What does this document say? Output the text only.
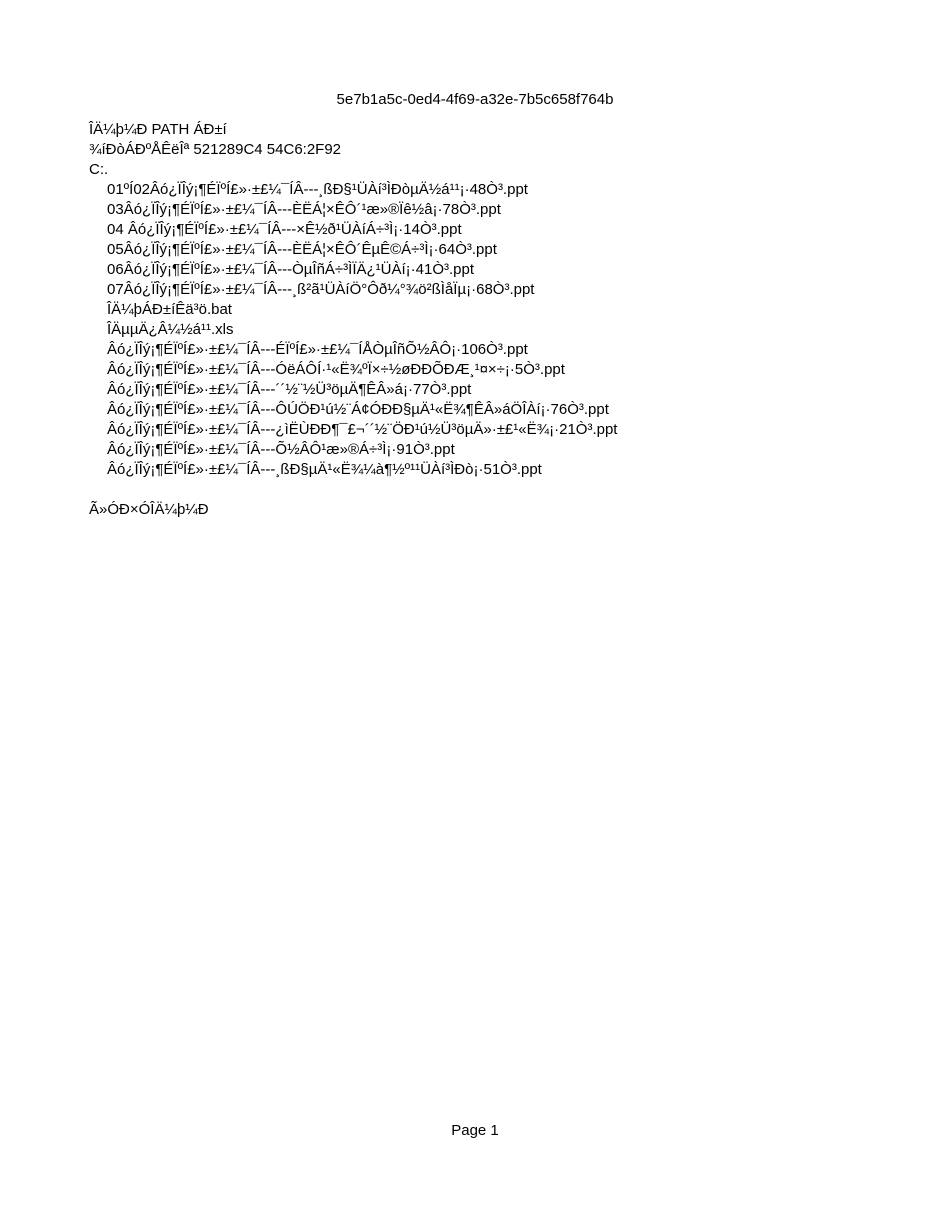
5e7b1a5c-0ed4-4f69-a32e-7b5c658f764b
ÎÄ¼þ¼Ð PATH ÁÐ±í
¾íÐòÁÐºÅÊëÎª 521289C4 54C6:2F92
C:.
01ºÍ02Âó¿ÏÎý¡¶ÉÏºÍ£»·±£¼¯ÍÂ---¸ßÐ§¹ÜÀí³ÌÐòµÄ½á¹¹¡·48Ò³.ppt
03Âó¿ÏÎý¡¶ÉÏºÍ£»·±£¼¯ÍÂ---ÈËÁ¦×ÊÔ´¹æ»®Ïê½â¡·78Ò³.ppt
04 Âó¿ÏÎý¡¶ÉÏºÍ£»·±£¼¯ÍÂ---×Ê½ð¹ÜÀíÁ÷³Ì¡·14Ò³.ppt
05Âó¿ÏÎý¡¶ÉÏºÍ£»·±£¼¯ÍÂ---ÈËÁ¦×ÊÔ´ÊµÊ©Á÷³Ì¡·64Ò³.ppt
06Âó¿ÏÎý¡¶ÉÏºÍ£»·±£¼¯ÍÂ---ÒµÎñÁ÷³ÌÏÄ¿¹ÜÀí¡·41Ò³.ppt
07Âó¿ÏÎý¡¶ÉÏºÍ£»·±£¼¯ÍÂ---¸ß²ã¹ÜÀíÖ°Ôð¼°¾ö²ßÌåÏµ¡·68Ò³.ppt
ÎÄ¼þÁÐ±íÊä³ö.bat
ÎÄµµÄ¿Â¼½á¹¹.xls
Âó¿ÏÎý¡¶ÉÏºÍ£»·±£¼¯ÍÂ---ÉÏºÍ£»·±£¼¯ÍÅÒµÎñÕ½ÂÔ¡·106Ò³.ppt
Âó¿ÏÎý¡¶ÉÏºÍ£»·±£¼¯ÍÂ---ÓëÁÔÍ·¹«Ë¾ºÏ×÷½øÐÐÕÐÆ¸¹¤×÷¡·5Ò³.ppt
Âó¿ÏÎý¡¶ÉÏºÍ£»·±£¼¯ÍÂ---´´½¨½Ü³öµÄ¶ÊÂ»á¡·77Ò³.ppt
Âó¿ÏÎý¡¶ÉÏºÍ£»·±£¼¯ÍÂ---ÔÚÖÐ¹ú½¨Á¢ÓÐÐ§µÄ¹«Ë¾¶ÊÂ»áÖÎÀí¡·76Ò³.ppt
Âó¿ÏÎý¡¶ÉÏºÍ£»·±£¼¯ÍÂ---¿ìËÙÐÐ¶¯£¬´´½¨ÖÐ¹ú½Ü³öµÄ»·±£¹«Ë¾¡·21Ò³.ppt
Âó¿ÏÎý¡¶ÉÏºÍ£»·±£¼¯ÍÂ---Õ½ÂÔ¹æ»®Á÷³Ì¡·91Ò³.ppt
Âó¿ÏÎý¡¶ÉÏºÍ£»·±£¼¯ÍÂ---¸ßÐ§µÄ¹«Ë¾¼à¶½º¹¹ÜÀí³ÌÐò¡·51Ò³.ppt
Ã»ÓÐ×ÓÎÄ¼þ¼Ð
Page 1
